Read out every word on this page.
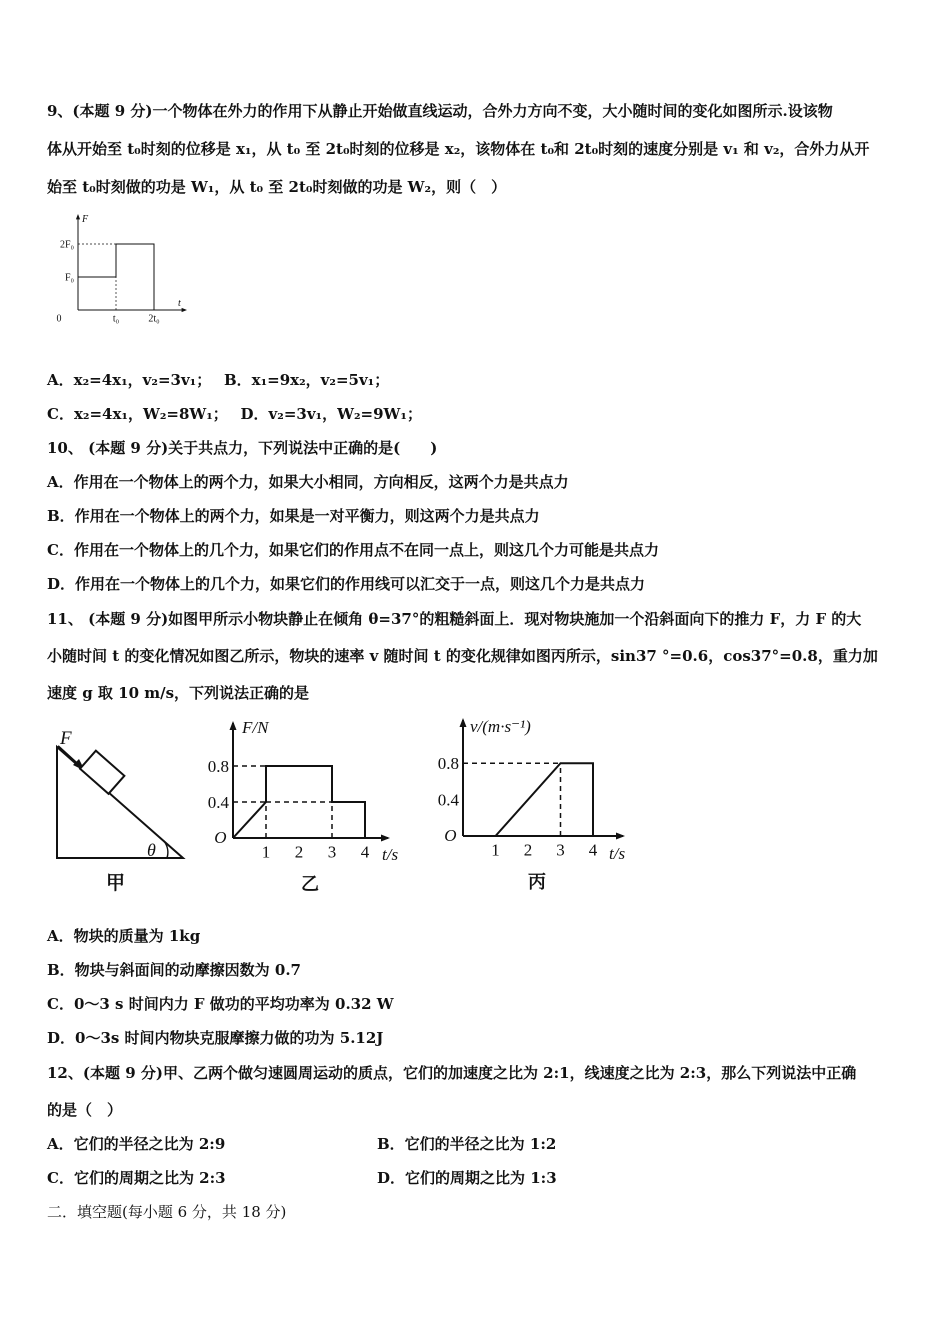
9、(本题 9 分)一个物体在外力的作用下从静止开始做直线运动，合外力方向不变，大小随时间的变化如图所示.设该物
体从开始至 t₀时刻的位移是 x₁，从 t₀ 至 2t₀时刻的位移是 x₂，该物体在 t₀和 2t₀时刻的速度分别是 v₁ 和 v₂，合外力从开
始至 t₀时刻做的功是 W₁，从 t₀ 至 2t₀时刻做的功是 W₂，则（　）
t
F
0	t₀	2t₀
F₀
2F₀
A．x₂=4x₁，v₂=3v₁；　 B．x₁=9x₂，v₂=5v₁；
C．x₂=4x₁，W₂=8W₁；　 D．v₂=3v₁，W₂=9W₁；
10、 (本题 9 分)关于共点力，下列说法中正确的是(　　)
A．作用在一个物体上的两个力，如果大小相同，方向相反，这两个力是共点力
B．作用在一个物体上的两个力，如果是一对平衡力，则这两个力是共点力
C．作用在一个物体上的几个力，如果它们的作用点不在同一点上，则这几个力可能是共点力
D．作用在一个物体上的几个力，如果它们的作用线可以汇交于一点，则这几个力是共点力
11、 (本题 9 分)如图甲所示小物块静止在倾角 θ=37°的粗糙斜面上．现对物块施加一个沿斜面向下的推力 F，力 F 的大
小随时间 t 的变化情况如图乙所示，物块的速率 v 随时间 t 的变化规律如图丙所示，sin37 °=0.6，cos37°=0.8，重力加
速度 g 取 10 m/s，下列说法正确的是
F
θ
甲
t/s
F/N
O
1 2 3 4
0.4
0.8
乙
t/s
v/(m·s⁻¹)
O
1 2 3 4
0.4
0.8
丙
A．物块的质量为 1kg
B．物块与斜面间的动摩擦因数为 0.7
C．0～3 s 时间内力 F 做功的平均功率为 0.32 W
D．0～3s 时间内物块克服摩擦力做的功为 5.12J
12、(本题 9 分)甲、乙两个做匀速圆周运动的质点，它们的加速度之比为 2:1，线速度之比为 2:3，那么下列说法中正确
的是（　）
A．它们的半径之比为 2:9	B．它们的半径之比为 1:2
C．它们的周期之比为 2:3	D．它们的周期之比为 1:3
二．填空题(每小题 6 分，共 18 分)
